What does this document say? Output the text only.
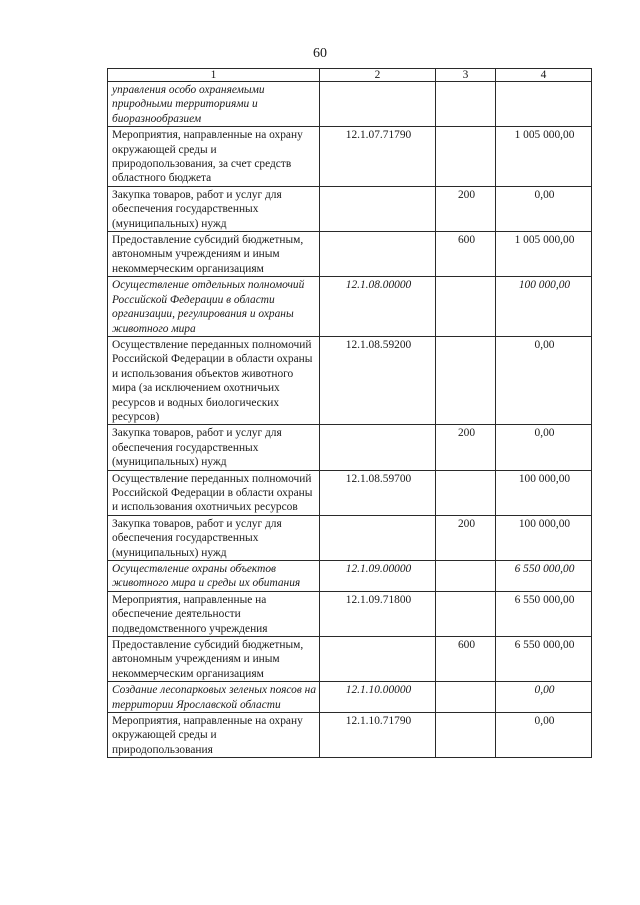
60
1	2	3	4
управления особо охраняемыми природными территориями и биоразнообразием			
Мероприятия, направленные на охрану окружающей среды и природопользования, за счет средств областного бюджета	12.1.07.71790		1 005 000,00
Закупка товаров, работ и услуг для обеспечения государственных (муниципальных) нужд		200	0,00
Предоставление субсидий бюджетным, автономным учреждениям и иным некоммерческим организациям		600	1 005 000,00
Осуществление отдельных полномочий Российской Федерации в области организации, регулирования и охраны животного мира	12.1.08.00000		100 000,00
Осуществление переданных полномочий Российской Федерации в области охраны и использования объектов животного мира (за исключением охотничьих ресурсов и водных биологических ресурсов)	12.1.08.59200		0,00
Закупка товаров, работ и услуг для обеспечения государственных (муниципальных) нужд		200	0,00
Осуществление переданных полномочий Российской Федерации в области охраны и использования охотничьих ресурсов	12.1.08.59700		100 000,00
Закупка товаров, работ и услуг для обеспечения государственных (муниципальных) нужд		200	100 000,00
Осуществление охраны объектов животного мира и среды их обитания	12.1.09.00000		6 550 000,00
Мероприятия, направленные на обеспечение деятельности подведомственного учреждения	12.1.09.71800		6 550 000,00
Предоставление субсидий бюджетным, автономным учреждениям и иным некоммерческим организациям		600	6 550 000,00
Создание лесопарковых зеленых поясов на территории Ярославской области	12.1.10.00000		0,00
Мероприятия, направленные на охрану окружающей среды и природопользования	12.1.10.71790		0,00
